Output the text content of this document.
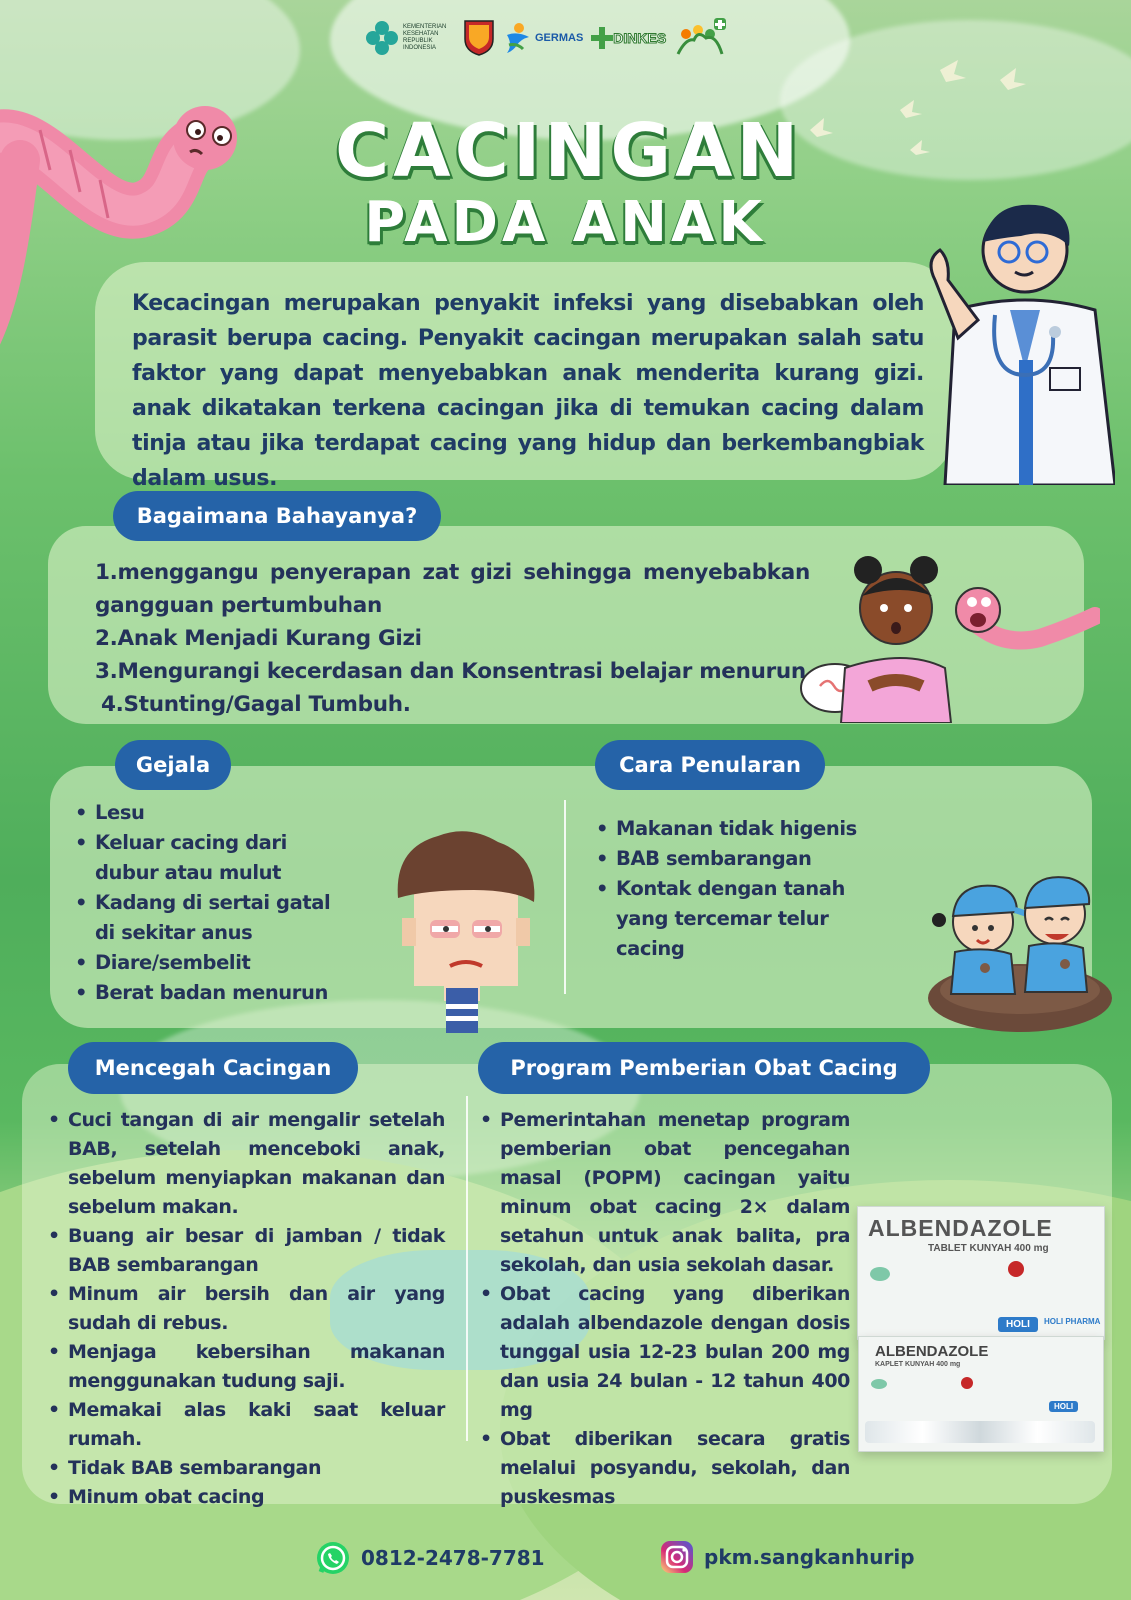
KEMENTERIAN KESEHATAN REPUBLIK INDONESIA
GERMAS DINKES
CACINGAN
PADA ANAK

Kecacingan merupakan penyakit infeksi yang disebabkan oleh parasit berupa cacing. Penyakit cacingan merupakan salah satu faktor yang dapat menyebabkan anak menderita kurang gizi. anak dikatakan terkena cacingan jika di temukan cacing dalam tinja atau jika terdapat cacing yang hidup dan berkembangbiak dalam usus.

Bagaimana Bahayanya?
1.menggangu penyerapan zat gizi sehingga menyebabkan
gangguan pertumbuhan
2.Anak Menjadi Kurang Gizi
3.Mengurangi kecerdasan dan Konsentrasi belajar menurun
4.Stunting/Gagal Tumbuh.
Gejala	Cara Penularan
• Lesu
• Keluar cacing dari dubur atau mulut
• Kadang di sertai gatal di sekitar anus
• Diare/sembelit
• Berat badan menurun
• Makanan tidak higenis
• BAB sembarangan
• Kontak dengan tanah yang tercemar telur cacing
Mencegah Cacingan	Program Pemberian Obat Cacing
• Cuci tangan di air mengalir setelah BAB, setelah menceboki anak, sebelum menyiapkan makanan dan sebelum makan.
• Buang air besar di jamban / tidak BAB sembarangan
• Minum air bersih dan air yang sudah di rebus.
• Menjaga kebersihan makanan menggunakan tudung saji.
• Memakai alas kaki saat keluar rumah.
• Tidak BAB sembarangan
• Minum obat cacing
• Pemerintahan menetap program pemberian obat pencegahan masal (POPM) cacingan yaitu minum obat cacing 2× dalam setahun untuk anak balita, pra sekolah, dan usia sekolah dasar.
• Obat cacing yang diberikan adalah albendazole dengan dosis tunggal usia 12-23 bulan 200 mg dan usia 24 bulan - 12 tahun 400 mg
• Obat diberikan secara gratis melalui posyandu, sekolah, dan puskesmas
ALBENDAZOLE
TABLET KUNYAH 400 mg
HOLI	HOLI PHARMA
ALBENDAZOLE
KAPLET KUNYAH 400 mg
HOLI
0812-2478-7781	pkm.sangkanhurip
